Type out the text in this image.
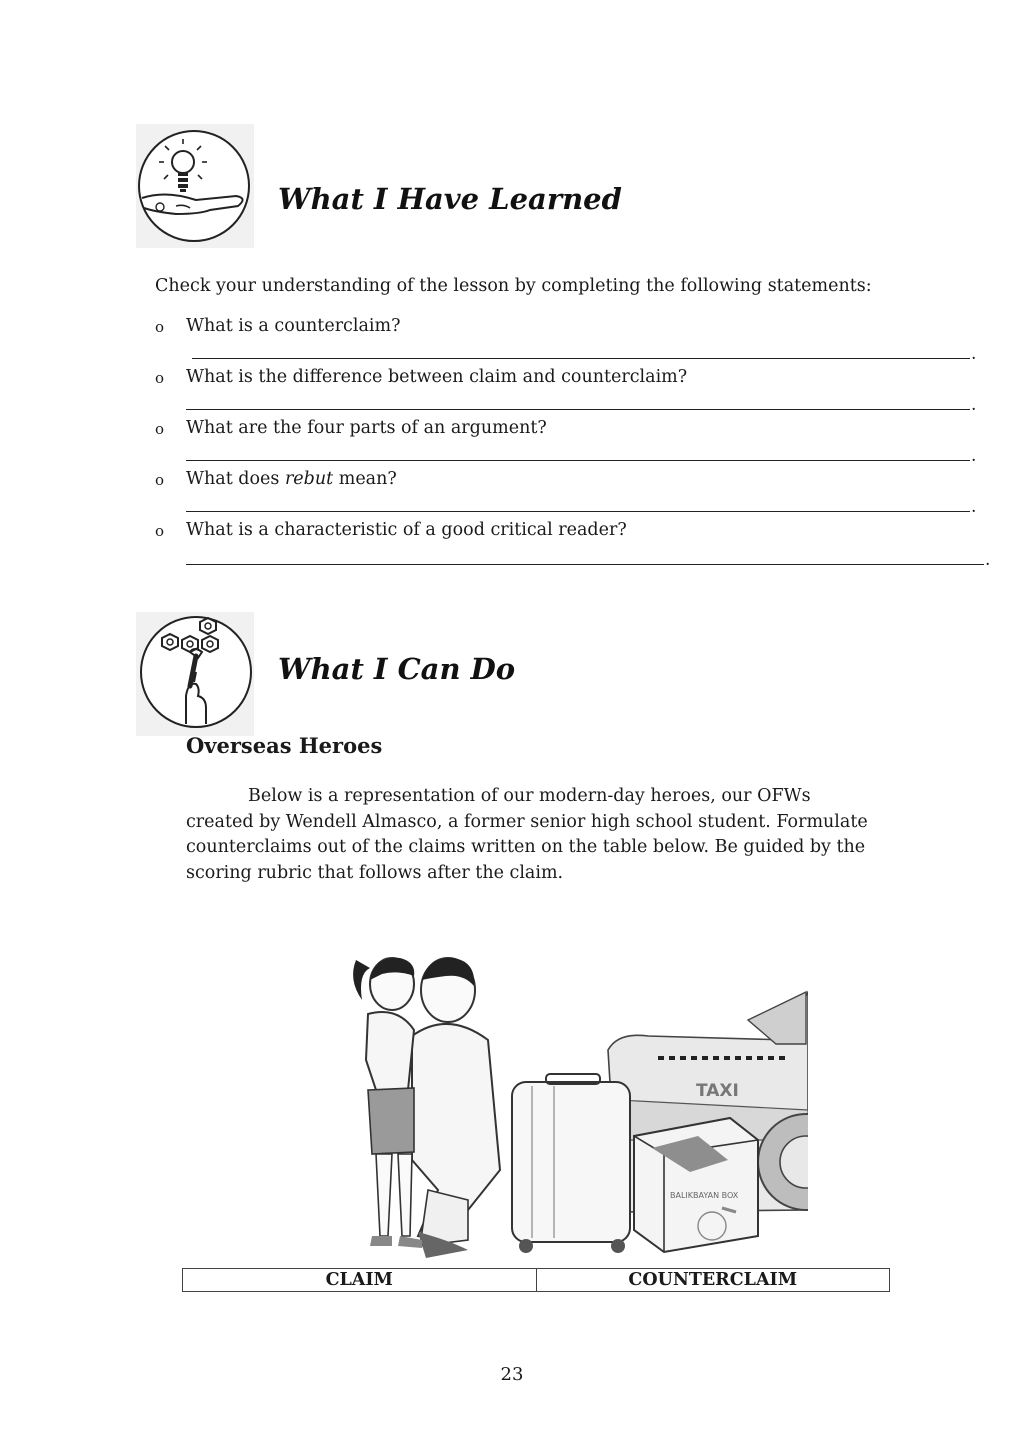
What I Have Learned
Check your understanding of the lesson by completing the following statements:
o What is a counterclaim?
.
o What is the difference between claim and counterclaim?
.
o What are the four parts of an argument?
.
o What does rebut mean?
.
o What is a characteristic of a good critical reader?
.
What I Can Do
Overseas Heroes
Below is a representation of our modern-day heroes, our OFWs
created by Wendell Almasco, a former senior high school student. Formulate
counterclaims out of the claims written on the table below. Be guided by the
scoring rubric that follows after the claim.
TAXI
BALIKBAYAN BOX
CLAIM	COUNTERCLAIM
23
